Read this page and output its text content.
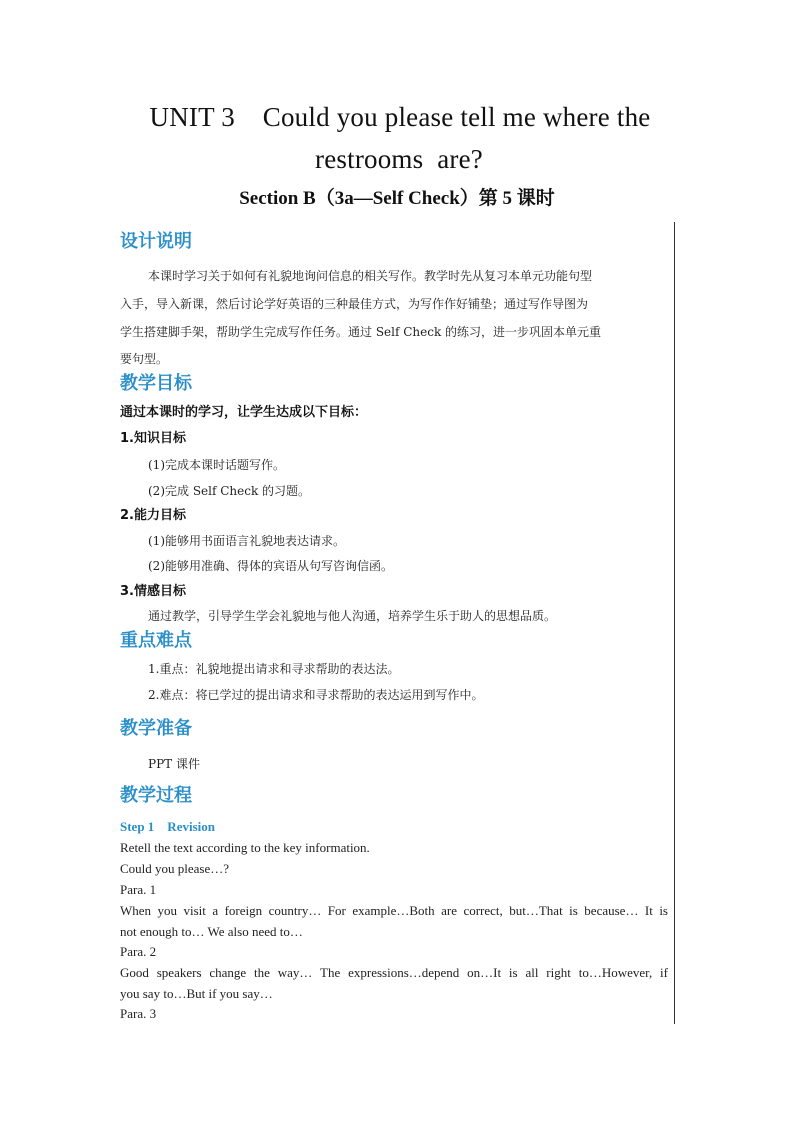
UNIT 3    Could you please tell me where the
restrooms  are?
Section B（3a—Self Check）第 5 课时
设计说明
本课时学习关于如何有礼貌地询问信息的相关写作。教学时先从复习本单元功能句型
入手，导入新课，然后讨论学好英语的三种最佳方式，为写作作好铺垫；通过写作导图为
学生搭建脚手架，帮助学生完成写作任务。通过 Self Check 的练习，进一步巩固本单元重
要句型。
教学目标
通过本课时的学习，让学生达成以下目标：
1.知识目标
(1)完成本课时话题写作。
(2)完成 Self Check 的习题。
2.能力目标
(1)能够用书面语言礼貌地表达请求。
(2)能够用准确、得体的宾语从句写咨询信函。
3.情感目标
通过教学，引导学生学会礼貌地与他人沟通，培养学生乐于助人的思想品质。
重点难点
1.重点：礼貌地提出请求和寻求帮助的表达法。
2.难点：将已学过的提出请求和寻求帮助的表达运用到写作中。
教学准备
PPT 课件
教学过程
Step 1    Revision
Retell the text according to the key information.
Could you please…?
Para. 1
When you visit a foreign country… For example…Both are correct, but…That is because… It is
not enough to… We also need to…
Para. 2
Good speakers change the way… The expressions…depend on…It is all right to…However, if
you say to…But if you say…
Para. 3
